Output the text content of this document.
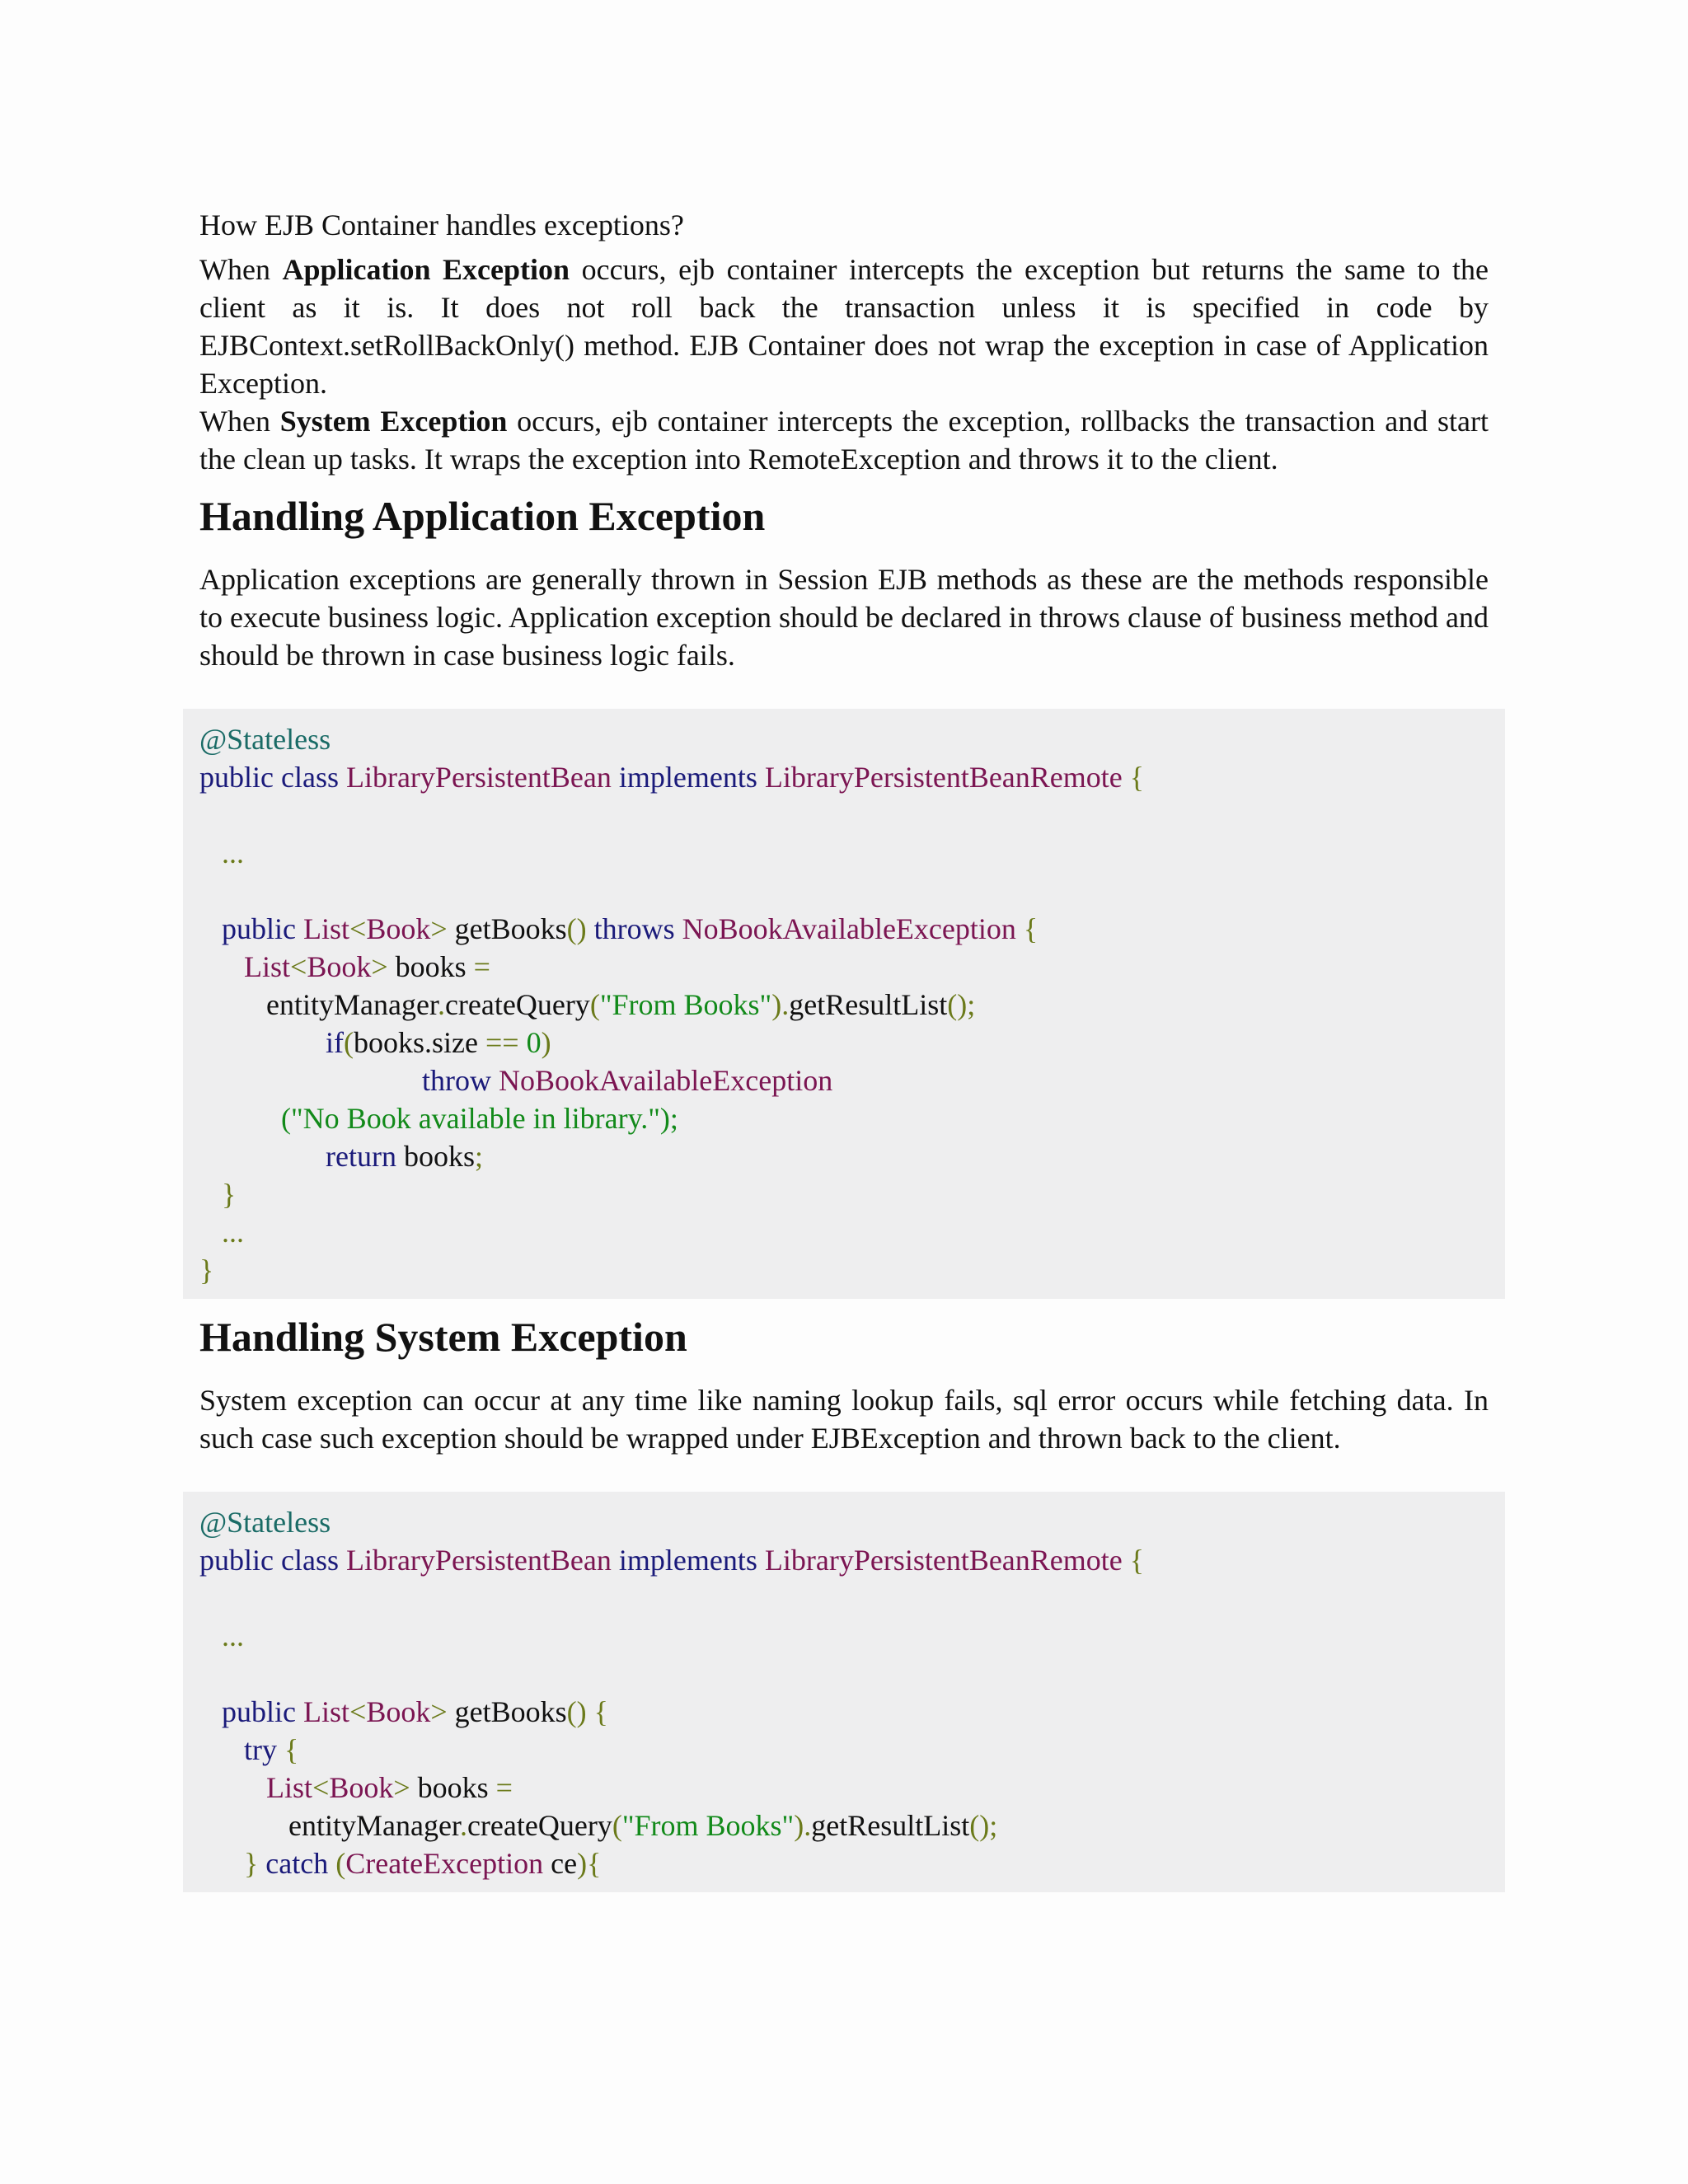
How EJB Container handles exceptions?

When Application Exception occurs, ejb container intercepts the exception but returns the same to the client as it is. It does not roll back the transaction unless it is specified in code by EJBContext.setRollBackOnly() method. EJB Container does not wrap the exception in case of Application Exception.

When System Exception occurs, ejb container intercepts the exception, rollbacks the transaction and start the clean up tasks. It wraps the exception into RemoteException and throws it to the client.

Handling Application Exception

Application exceptions are generally thrown in Session EJB methods as these are the methods responsible to execute business logic. Application exception should be declared in throws clause of business method and should be thrown in case business logic fails.

@Stateless
public class LibraryPersistentBean implements LibraryPersistentBeanRemote {

...

public List<Book> getBooks() throws NoBookAvailableException {
List<Book> books =
entityManager.createQuery("From Books").getResultList();
if(books.size == 0)
throw NoBookAvailableException
("No Book available in library.");
return books;
}
...
}
Handling System Exception

System exception can occur at any time like naming lookup fails, sql error occurs while fetching data. In such case such exception should be wrapped under EJBException and thrown back to the client.

@Stateless
public class LibraryPersistentBean implements LibraryPersistentBeanRemote {

...

public List<Book> getBooks() {
try {
List<Book> books =
entityManager.createQuery("From Books").getResultList();
} catch (CreateException ce){
